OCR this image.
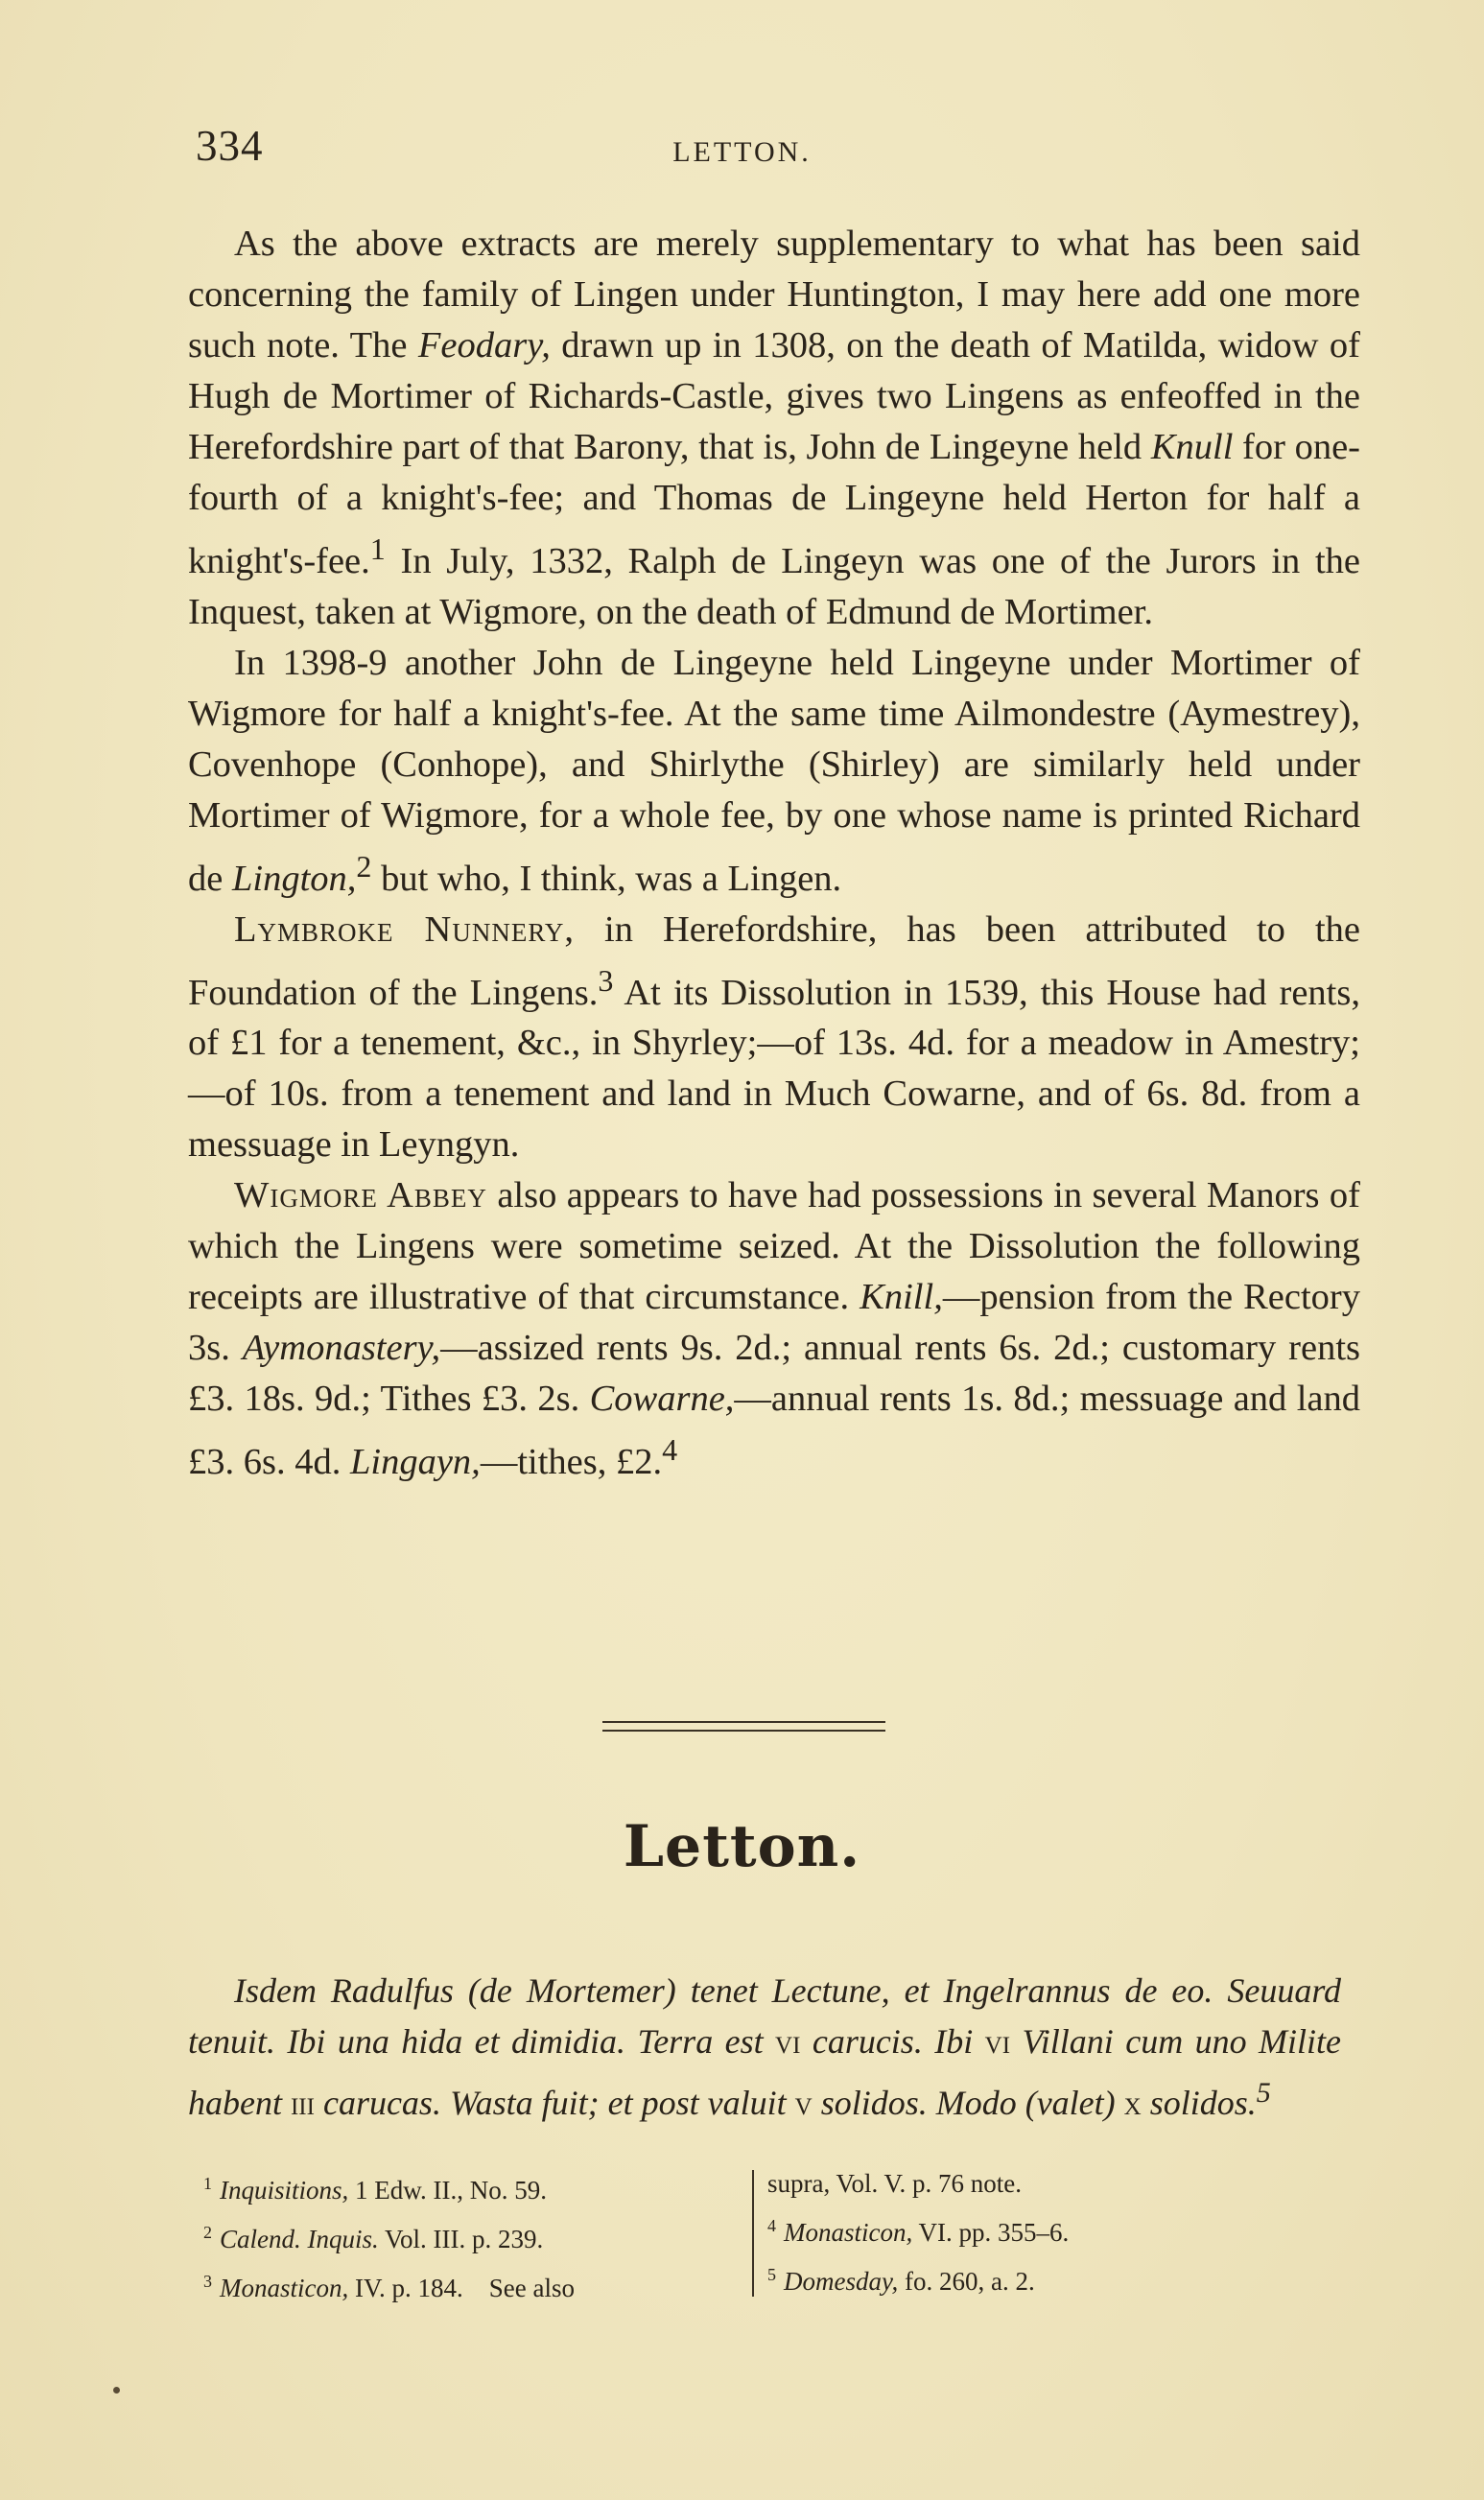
334	LETTON.

As the above extracts are merely supplementary to what has been said concerning the family of Lingen under Huntington, I may here add one more such note. The Feodary, drawn up in 1308, on the death of Matilda, widow of Hugh de Mortimer of Richards-Castle, gives two Lingens as enfeoffed in the Herefordshire part of that Barony, that is, John de Lingeyne held Knull for one-fourth of a knight's-fee; and Thomas de Lingeyne held Herton for half a knight's-fee.$^1$ In July, 1332, Ralph de Lingeyn was one of the Jurors in the Inquest, taken at Wigmore, on the death of Edmund de Mortimer.

In 1398-9 another John de Lingeyne held Lingeyne under Mortimer of Wigmore for half a knight's-fee. At the same time Ailmondestre (Aymestrey), Covenhope (Conhope), and Shirlythe (Shirley) are similarly held under Mortimer of Wigmore, for a whole fee, by one whose name is printed Richard de Lington,$^2$ but who, I think, was a Lingen.

Lymbroke Nunnery, in Herefordshire, has been attributed to the Foundation of the Lingens.$^3$ At its Dissolution in 1539, this House had rents, of £1 for a tenement, &c., in Shyrley;—of 13s. 4d. for a meadow in Amestry;—of 10s. from a tenement and land in Much Cowarne, and of 6s. 8d. from a messuage in Leyngyn.

Wigmore Abbey also appears to have had possessions in several Manors of which the Lingens were sometime seized. At the Dissolution the following receipts are illustrative of that circumstance. Knill,—pension from the Rectory 3s. Aymonastery,—assized rents 9s. 2d.; annual rents 6s. 2d.; customary rents £3. 18s. 9d.; Tithes £3. 2s. Cowarne,—annual rents 1s. 8d.; messuage and land £3. 6s. 4d. Lingayn,—tithes, £2.$^4$

Letton.

Isdem Radulfus (de Mortemer) tenet Lectune, et Ingelrannus de eo. Seuuard tenuit. Ibi una hida et dimidia. Terra est vi carucis. Ibi vi Villani cum uno Milite habent iii carucas. Wasta fuit; et post valuit v solidos. Modo (valet) x solidos.$^5$

$^1$ Inquisitions, 1 Edw. II., No. 59.
$^2$ Calend. Inquis. Vol. III. p. 239.
$^3$ Monasticon, IV. p. 184.    See also
supra, Vol. V. p. 76 note.
$^4$ Monasticon, VI. pp. 355–6.
$^5$ Domesday, fo. 260, a. 2.
